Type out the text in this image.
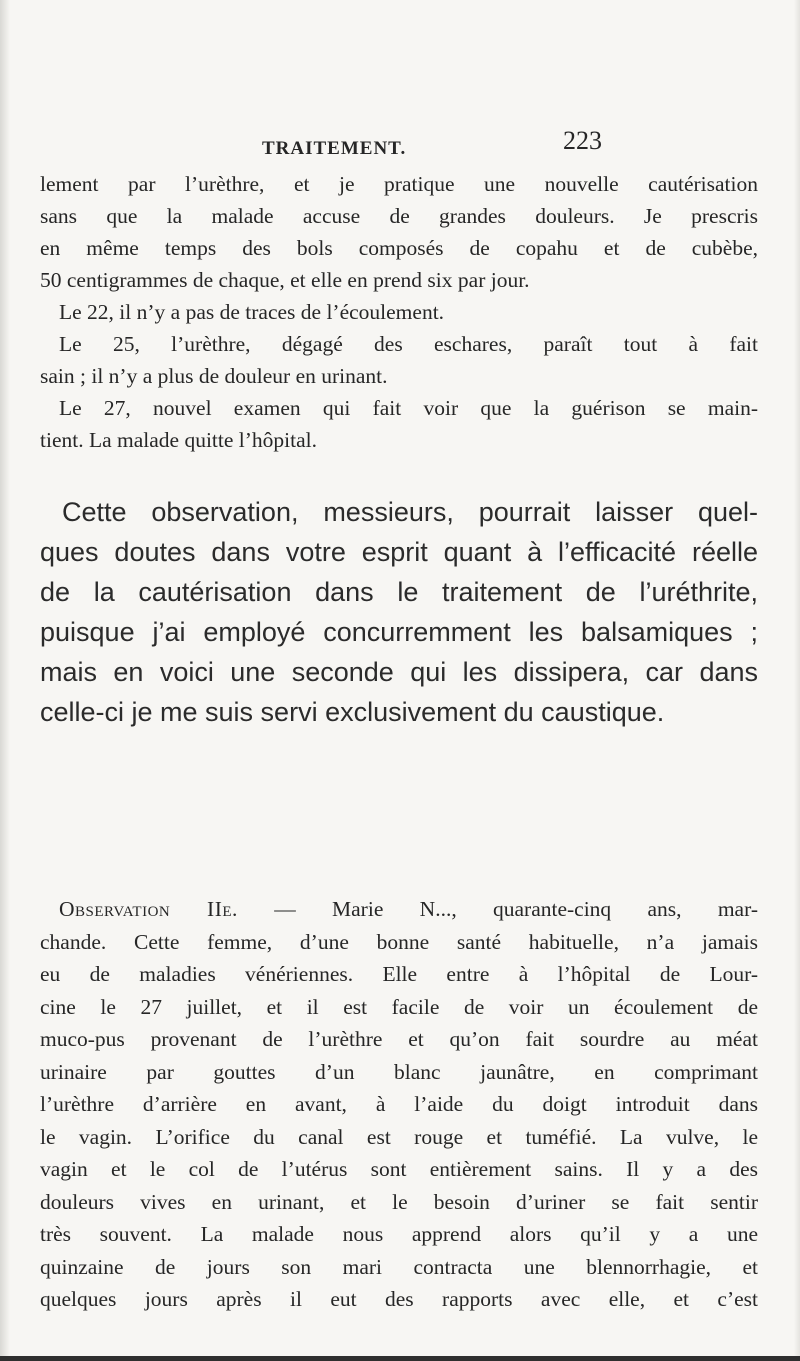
TRAITEMENT.	223

lement par l’urèthre, et je pratique une nouvelle cautérisation
sans que la malade accuse de grandes douleurs. Je prescris
en même temps des bols composés de copahu et de cubèbe,
50 centigrammes de chaque, et elle en prend six par jour.
Le 22, il n’y a pas de traces de l’écoulement.
Le 25, l’urèthre, dégagé des eschares, paraît tout à fait
sain ; il n’y a plus de douleur en urinant.
Le 27, nouvel examen qui fait voir que la guérison se main-
tient. La malade quitte l’hôpital.

Cette observation, messieurs, pourrait laisser quel-
ques doutes dans votre esprit quant à l’efficacité réelle
de la cautérisation dans le traitement de l’uréthrite,
puisque j’ai employé concurremment les balsamiques ;
mais en voici une seconde qui les dissipera, car dans
celle-ci je me suis servi exclusivement du caustique.

Observation IIe. — Marie N..., quarante-cinq ans, mar-
chande. Cette femme, d’une bonne santé habituelle, n’a jamais
eu de maladies vénériennes. Elle entre à l’hôpital de Lour-
cine le 27 juillet, et il est facile de voir un écoulement de
muco-pus provenant de l’urèthre et qu’on fait sourdre au méat
urinaire par gouttes d’un blanc jaunâtre, en comprimant
l’urèthre d’arrière en avant, à l’aide du doigt introduit dans
le vagin. L’orifice du canal est rouge et tuméfié. La vulve, le
vagin et le col de l’utérus sont entièrement sains. Il y a des
douleurs vives en urinant, et le besoin d’uriner se fait sentir
très souvent. La malade nous apprend alors qu’il y a une
quinzaine de jours son mari contracta une blennorrhagie, et
quelques jours après il eut des rapports avec elle, et c’est
